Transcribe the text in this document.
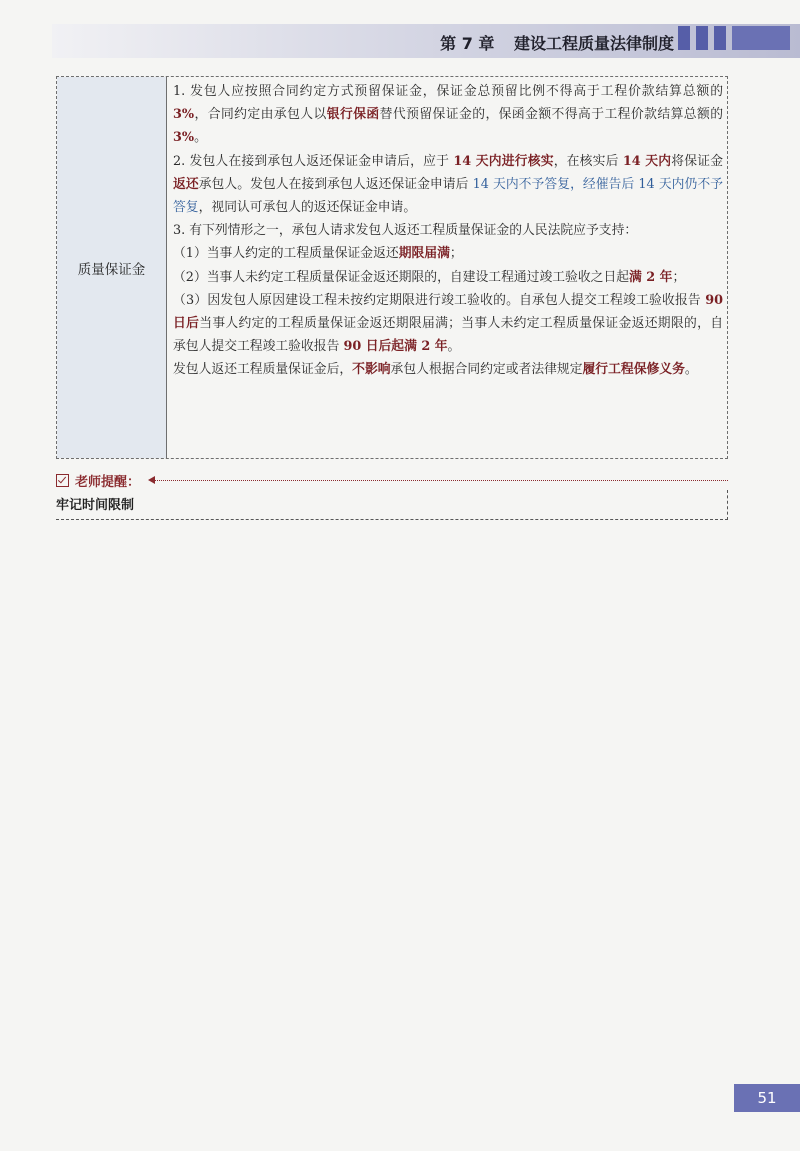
第 7 章 建设工程质量法律制度
质量保证金

1. 发包人应按照合同约定方式预留保证金，保证金总预留比例不得高于工程价款结算总额的 3%，合同约定由承包人以银行保函替代预留保证金的，保函金额不得高于工程价款结算总额的 3%。

2. 发包人在接到承包人返还保证金申请后，应于 14 天内进行核实，在核实后 14 天内将保证金返还承包人。发包人在接到承包人返还保证金申请后 14 天内不予答复，经催告后 14 天内仍不予答复，视同认可承包人的返还保证金申请。

3. 有下列情形之一，承包人请求发包人返还工程质量保证金的人民法院应予支持：

（1）当事人约定的工程质量保证金返还期限届满；

（2）当事人未约定工程质量保证金返还期限的，自建设工程通过竣工验收之日起满 2 年；

（3）因发包人原因建设工程未按约定期限进行竣工验收的。自承包人提交工程竣工验收报告 90 日后当事人约定的工程质量保证金返还期限届满；当事人未约定工程质量保证金返还期限的，自承包人提交工程竣工验收报告 90 日后起满 2 年。

发包人返还工程质量保证金后，不影响承包人根据合同约定或者法律规定履行工程保修义务。

老师提醒：
牢记时间限制
51
